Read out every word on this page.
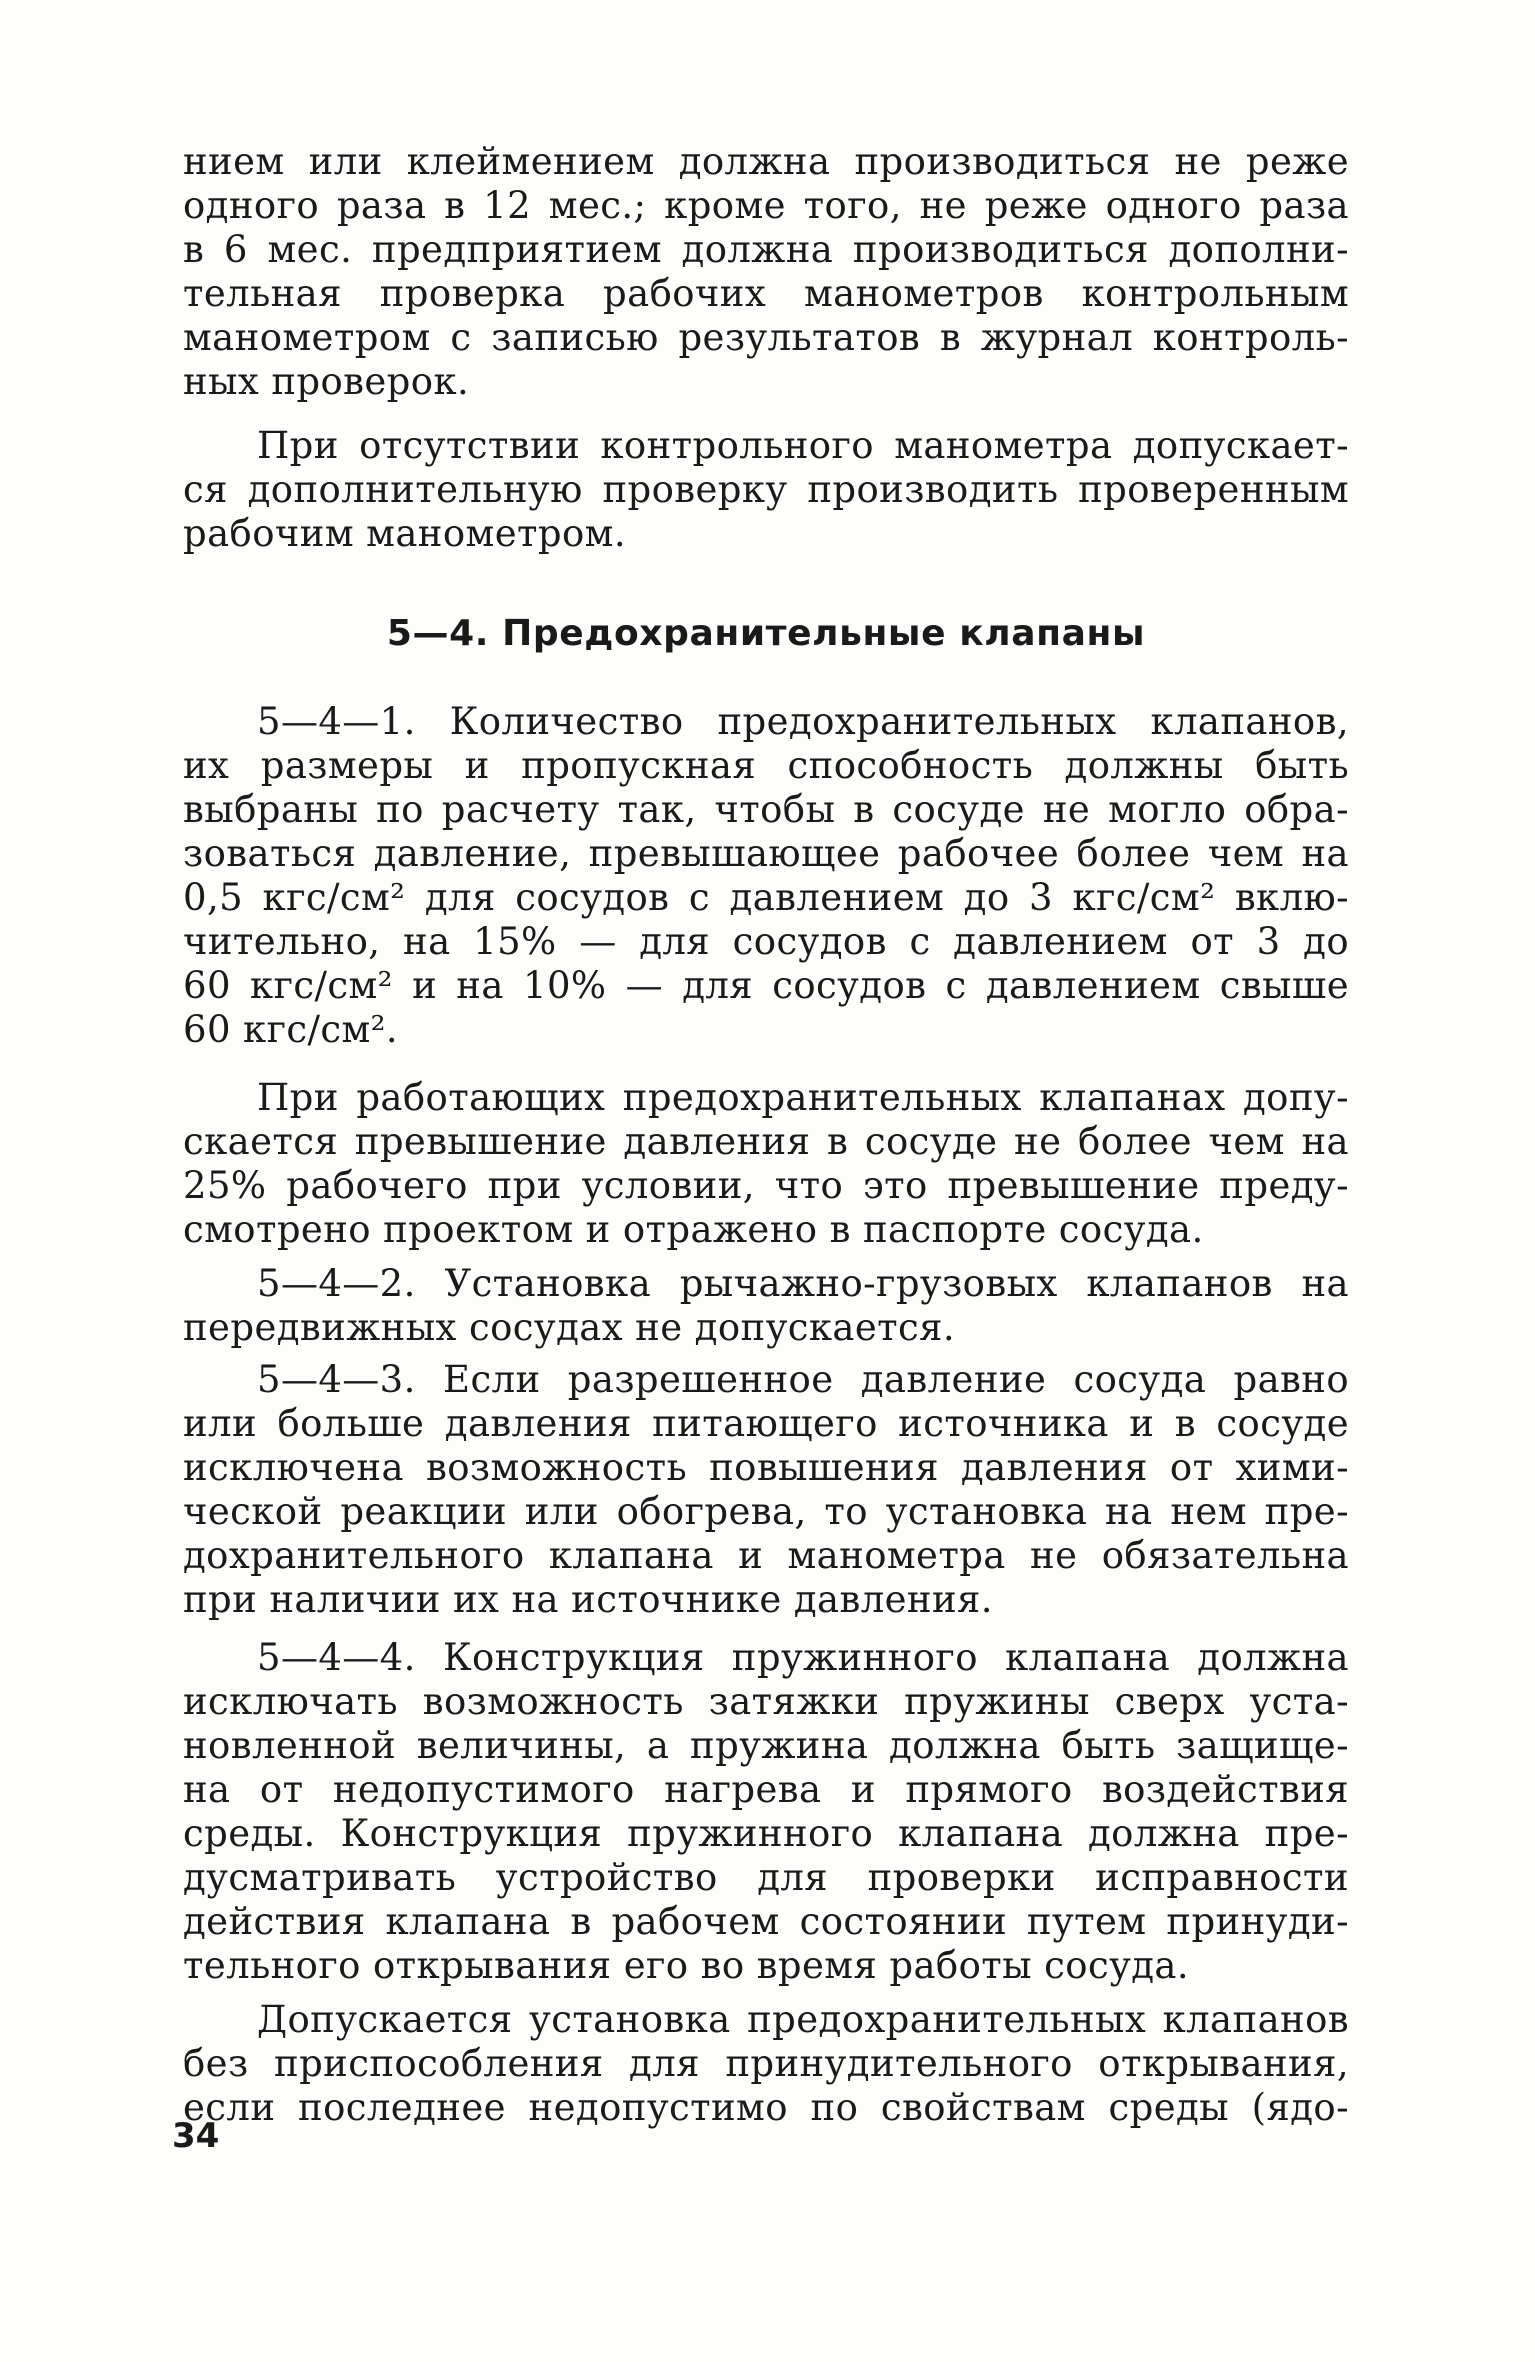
нием или клеймением должна производиться не реже
одного раза в 12 мес.; кроме того, не реже одного раза
в 6 мес. предприятием должна производиться дополни-
тельная проверка рабочих манометров контрольным
манометром с записью результатов в журнал контроль-
ных проверок.
При отсутствии контрольного манометра допускает-
ся дополнительную проверку производить проверенным
рабочим манометром.
5—4. Предохранительные клапаны
5—4—1. Количество предохранительных клапанов,
их размеры и пропускная способность должны быть
выбраны по расчету так, чтобы в сосуде не могло обра-
зоваться давление, превышающее рабочее более чем на
0,5 кгс/см² для сосудов с давлением до 3 кгс/см² вклю-
чительно, на 15% — для сосудов с давлением от 3 до
60 кгс/см² и на 10% — для сосудов с давлением свыше
60 кгс/см².
При работающих предохранительных клапанах допу-
скается превышение давления в сосуде не более чем на
25% рабочего при условии, что это превышение преду-
смотрено проектом и отражено в паспорте сосуда.
5—4—2. Установка рычажно-грузовых клапанов на
передвижных сосудах не допускается.
5—4—3. Если разрешенное давление сосуда равно
или больше давления питающего источника и в сосуде
исключена возможность повышения давления от хими-
ческой реакции или обогрева, то установка на нем пре-
дохранительного клапана и манометра не обязательна
при наличии их на источнике давления.
5—4—4. Конструкция пружинного клапана должна
исключать возможность затяжки пружины сверх уста-
новленной величины, а пружина должна быть защище-
на от недопустимого нагрева и прямого воздействия
среды. Конструкция пружинного клапана должна пре-
дусматривать устройство для проверки исправности
действия клапана в рабочем состоянии путем принуди-
тельного открывания его во время работы сосуда.
Допускается установка предохранительных клапанов
без приспособления для принудительного открывания,
если последнее недопустимо по свойствам среды (ядо-
34
